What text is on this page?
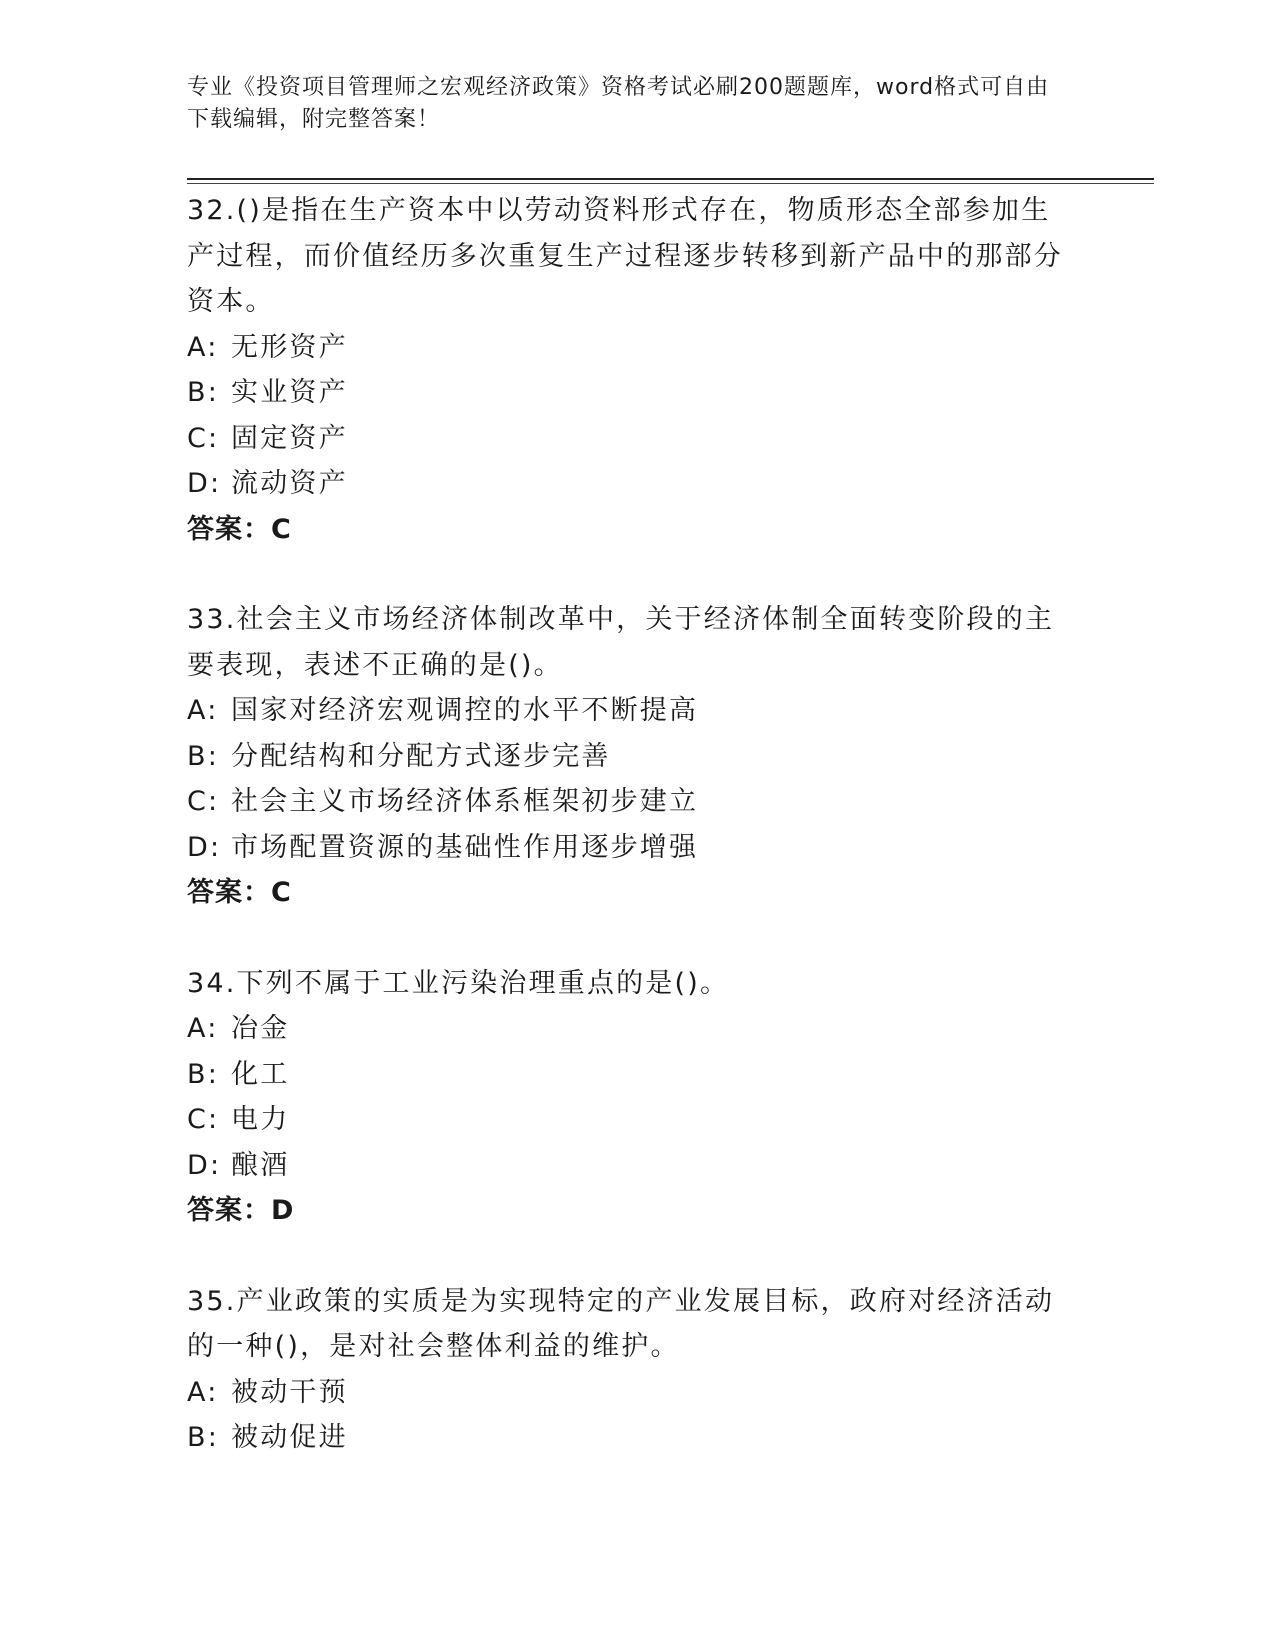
专业《投资项目管理师之宏观经济政策》资格考试必刷200题题库，word格式可自由下载编辑，附完整答案！

32.()是指在生产资本中以劳动资料形式存在，物质形态全部参加生产过程，而价值经历多次重复生产过程逐步转移到新产品中的那部分资本。

A: 无形资产

B: 实业资产

C: 固定资产

D: 流动资产

答案：C

33.社会主义市场经济体制改革中，关于经济体制全面转变阶段的主要表现，表述不正确的是()。

A: 国家对经济宏观调控的水平不断提高

B: 分配结构和分配方式逐步完善

C: 社会主义市场经济体系框架初步建立

D: 市场配置资源的基础性作用逐步增强

答案：C

34.下列不属于工业污染治理重点的是()。

A: 冶金

B: 化工

C: 电力

D: 酿酒

答案：D

35.产业政策的实质是为实现特定的产业发展目标，政府对经济活动的一种()，是对社会整体利益的维护。

A: 被动干预

B: 被动促进
